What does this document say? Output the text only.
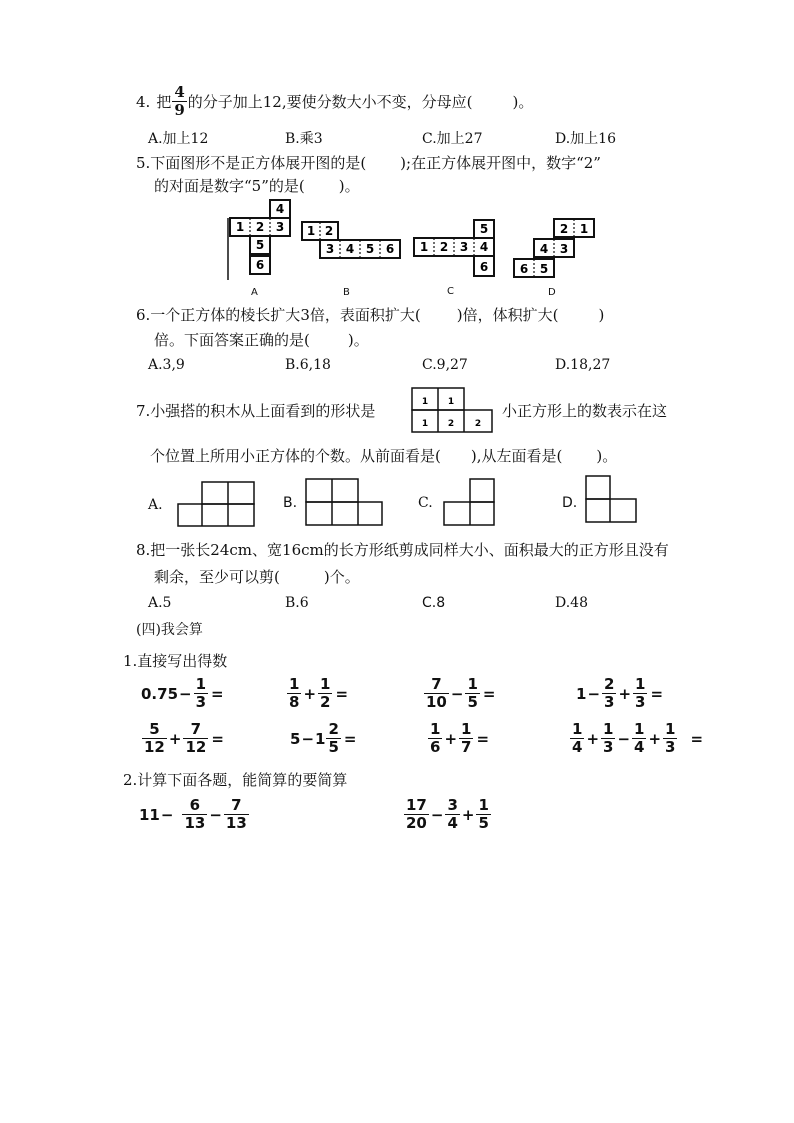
4. 把 $\frac{4}{9}$ 的分子加上12,要使分数大小不变，分母应(	)。
A.加上12	B.乘3	C.加上27	D.加上16
5.下面图形不是正方体展开图的是( );在正方体展开图中，数字“2”
的对面是数字“5”的是( )。
4
1 2 3
5
6
1 2
3 4 5 6
5
1 2 3 4
6
2 1
4 3
6 5
A	B	C	D
6.一个正方体的棱长扩大3倍，表面积扩大( )倍，体积扩大(	)
倍。下面答案正确的是(	)。
A.3,9	B.6,18	C.9,27	D.18,27
7.小强搭的积木从上面看到的形状是	1 1
1 2 2
小正方形上的数表示在这
个位置上所用小正方体的个数。从前面看是( ),从左面看是( )。
A.	B.	C.	D.
8.把一张长24cm、宽16cm的长方形纸剪成同样大小、面积最大的正方形且没有
剩余，至少可以剪(	)个。
A.5	B.6	C.8	D.48
(四)我会算
1.直接写出得数
$0.75 - \frac{1}{3}$ =	$\frac{1}{8} + \frac{1}{2}$ =	$\frac{7}{10} - \frac{1}{5}$ =	$1 - \frac{2}{3} + \frac{1}{3}$ =
$\frac{5}{12} + \frac{7}{12}$ =	$5 - 1 \frac{2}{5}$ =	$\frac{1}{6} + \frac{1}{7}$ =	$\frac{1}{4} + \frac{1}{3} - \frac{1}{4} + \frac{1}{3}$ =
2.计算下面各题，能简算的要简算
$11 - \frac{6}{13} - \frac{7}{13}$	$\frac{17}{20} - \frac{3}{4} + \frac{1}{5}$
